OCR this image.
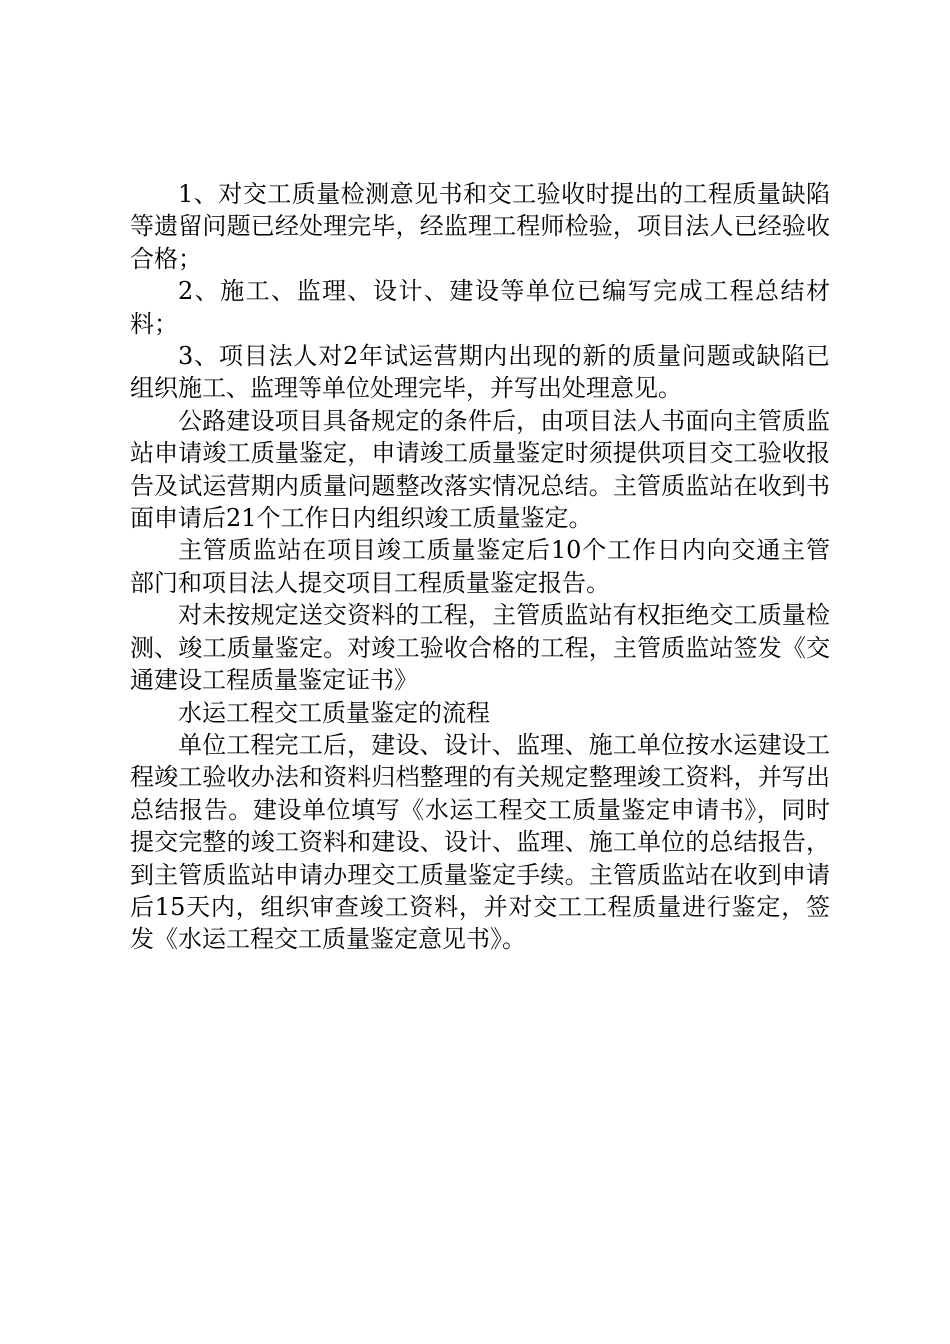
1、对交工质量检测意见书和交工验收时提出的工程质量缺陷等遗留问题已经处理完毕，经监理工程师检验，项目法人已经验收合格；

2、施工、监理、设计、建设等单位已编写完成工程总结材料；

3、项目法人对2年试运营期内出现的新的质量问题或缺陷已组织施工、监理等单位处理完毕，并写出处理意见。

公路建设项目具备规定的条件后，由项目法人书面向主管质监站申请竣工质量鉴定，申请竣工质量鉴定时须提供项目交工验收报告及试运营期内质量问题整改落实情况总结。主管质监站在收到书面申请后21个工作日内组织竣工质量鉴定。

主管质监站在项目竣工质量鉴定后10个工作日内向交通主管部门和项目法人提交项目工程质量鉴定报告。

对未按规定送交资料的工程，主管质监站有权拒绝交工质量检测、竣工质量鉴定。对竣工验收合格的工程，主管质监站签发《交通建设工程质量鉴定证书》

水运工程交工质量鉴定的流程

单位工程完工后，建设、设计、监理、施工单位按水运建设工程竣工验收办法和资料归档整理的有关规定整理竣工资料，并写出总结报告。建设单位填写《水运工程交工质量鉴定申请书》，同时提交完整的竣工资料和建设、设计、监理、施工单位的总结报告，到主管质监站申请办理交工质量鉴定手续。主管质监站在收到申请后15天内，组织审查竣工资料，并对交工工程质量进行鉴定，签发《水运工程交工质量鉴定意见书》。
